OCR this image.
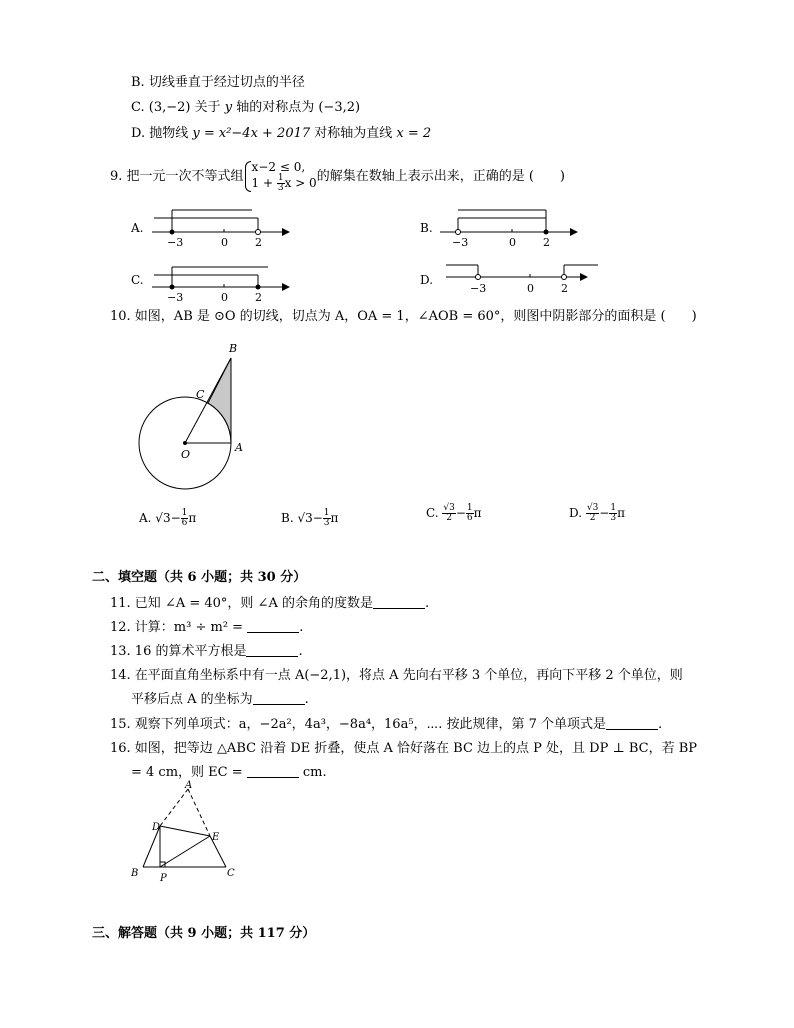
B. 切线垂直于经过切点的半径
C. (3,−2) 关于 y 轴的对称点为 (−3,2)
D. 抛物线 y = x²−4x + 2017 对称轴为直线 x = 2
9. 把一元一次不等式组
x−2 ≤ 0,
$1 + \frac{1}{3}$ x > 0 的解集在数轴上表示出来，正确的是 (　　)
A.
−3	0 2
B.
−3	0 2
C.
−3	0 2
D.
−3	0 2
10. 如图，AB 是 ⊙O 的切线，切点为 A，OA = 1，∠AOB = 60°，则图中阴影部分的面积是 (　　)
B
C
O
A
A. $√3- \frac{1}{6}$ π	B. $√3- \frac{1}{3}$ π	C. $\frac{√3}{2} - \frac{1}{6}$ π	D. $\frac{√3}{2} - \frac{1}{3}$ π
二、填空题（共 6 小题；共 30 分）
11. 已知 ∠A = 40°，则 ∠A 的余角的度数是	.
12. 计算：m³ ÷ m² =	.
13. 16 的算术平方根是	.
14. 在平面直角坐标系中有一点 A(−2,1)，将点 A 先向右平移 3 个单位，再向下平移 2 个单位，则
平移后点 A 的坐标为	.
15. 观察下列单项式：a，−2a²，4a³，−8a⁴，16a⁵，⋯. 按此规律，第 7 个单项式是	.
16. 如图，把等边 △ABC 沿着 DE 折叠，使点 A 恰好落在 BC 边上的点 P 处，且 DP ⊥ BC，若 BP
= 4 cm，则 EC =	cm.
A
D
E
B P	C
三、解答题（共 9 小题；共 117 分）
